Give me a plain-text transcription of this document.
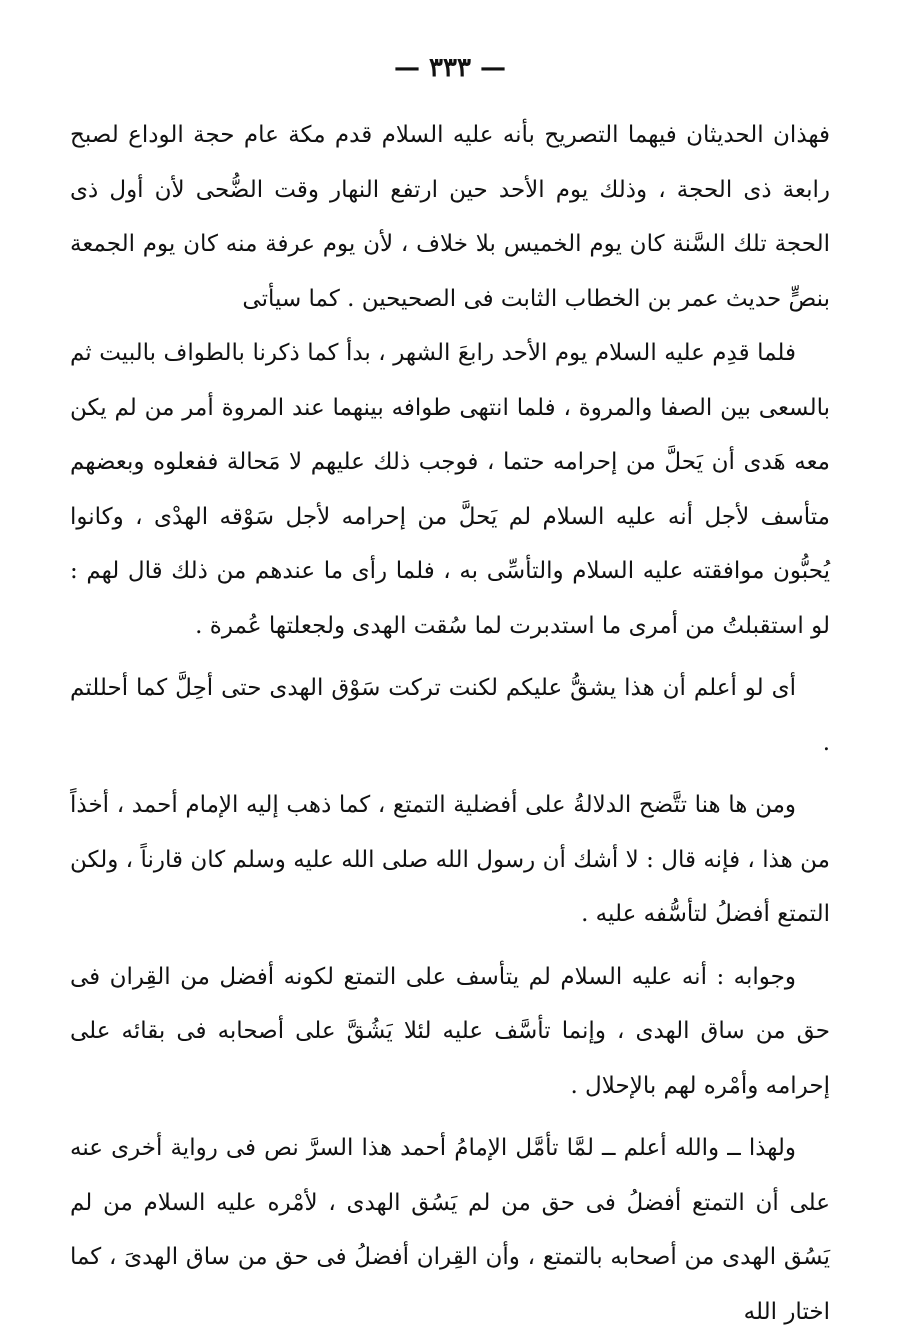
— ٣٣٣ —

فهذان الحديثان فيهما التصريح بأنه عليه السلام قدم مكة عام حجة الوداع لصبح رابعة ذى الحجة ، وذلك يوم الأحد حين ارتفع النهار وقت الضُّحى لأن أول ذى الحجة تلك السَّنة كان يوم الخميس بلا خلاف ، لأن يوم عرفة منه كان يوم الجمعة بنصٍّ حديث عمر بن الخطاب الثابت فى الصحيحين . كما سيأتى

فلما قدِم عليه السلام يوم الأحد رابعَ الشهر ، بدأ كما ذكرنا بالطواف بالبيت ثم بالسعى بين الصفا والمروة ، فلما انتهى طوافه بينهما عند المروة أمر من لم يكن معه هَدى أن يَحلَّ من إحرامه حتما ، فوجب ذلك عليهم لا مَحالة ففعلوه وبعضهم متأسف لأجل أنه عليه السلام لم يَحلَّ من إحرامه لأجل سَوْقه الهدْى ، وكانوا يُحبُّون موافقته عليه السلام والتأسِّى به ، فلما رأى ما عندهم من ذلك قال لهم : لو استقبلتُ من أمرى ما استدبرت لما سُقت الهدى ولجعلتها عُمرة .

أى لو أعلم أن هذا يشقُّ عليكم لكنت تركت سَوْق الهدى حتى أحِلَّ كما أحللتم .

ومن ها هنا تتَّضح الدلالةُ على أفضلية التمتع ، كما ذهب إليه الإمام أحمد ، أخذاً من هذا ، فإنه قال : لا أشك أن رسول الله صلى الله عليه وسلم كان قارناً ، ولكن التمتع أفضلُ لتأسُّفه عليه .

وجوابه : أنه عليه السلام لم يتأسف على التمتع لكونه أفضل من القِران فى حق من ساق الهدى ، وإنما تأسَّف عليه لئلا يَشُقَّ على أصحابه فى بقائه على إحرامه وأمْره لهم بالإحلال .

ولهذا ــ والله أعلم ــ لمَّا تأمَّل الإمامُ أحمد هذا السرَّ نص فى رواية أخرى عنه على أن التمتع أفضلُ فى حق من لم يَسُق الهدى ، لأمْره عليه السلام من لم يَسُق الهدى من أصحابه بالتمتع ، وأن القِران أفضلُ فى حق من ساق الهدىَ ، كما اختار الله
